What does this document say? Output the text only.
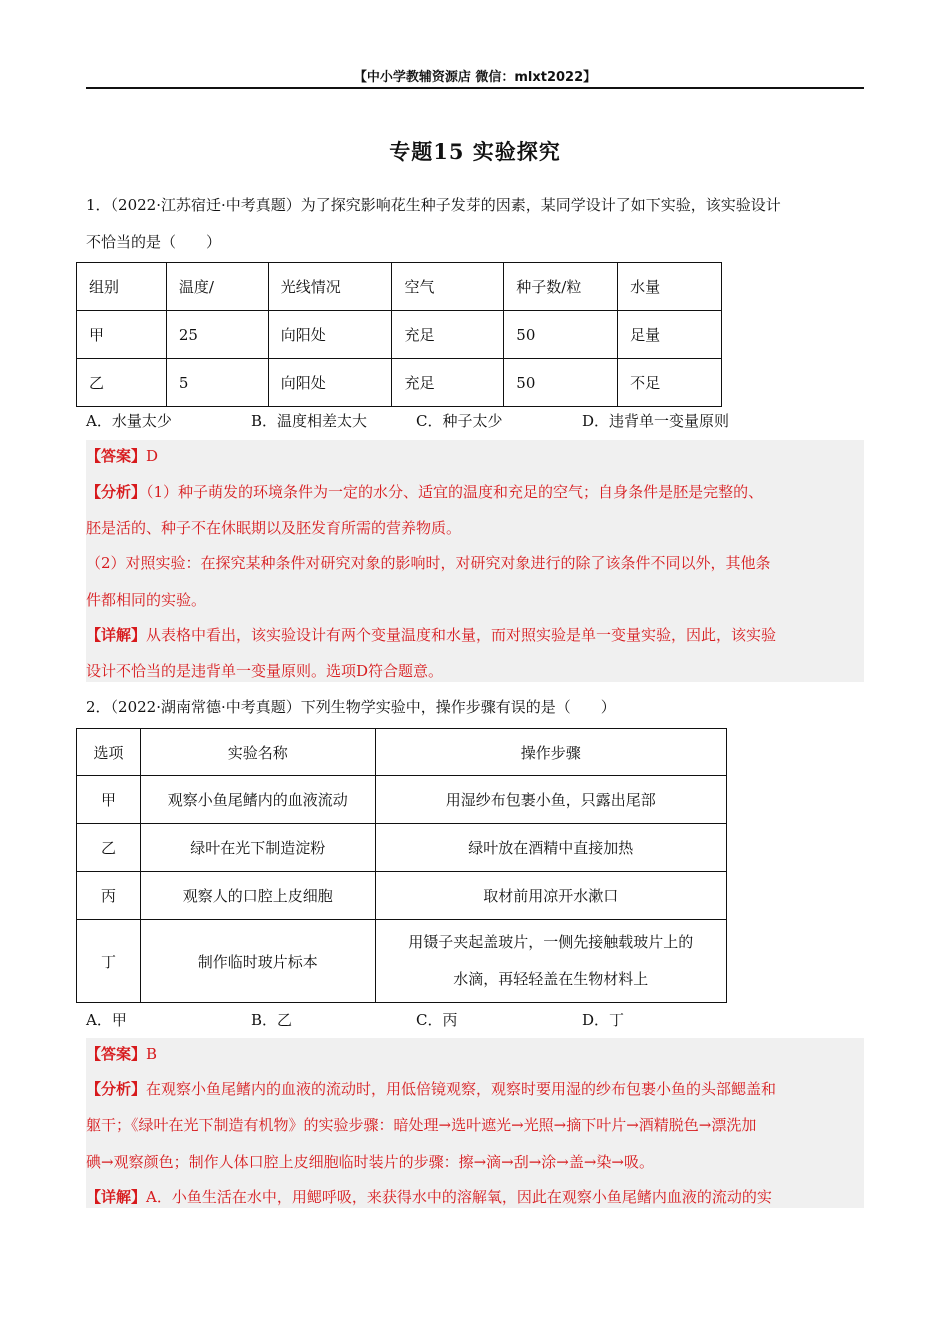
【中小学教辅资源店 微信：mlxt2022】
专题15 实验探究
1．（2022·江苏宿迁·中考真题）为了探究影响花生种子发芽的因素，某同学设计了如下实验，该实验设计
不恰当的是（　　）
组别	温度/	光线情况	空气	种子数/粒	水量
甲	25	向阳处	充足	50	足量
乙	5	向阳处	充足	50	不足
A．水量太少	B．温度相差太大	C．种子太少	D．违背单一变量原则
【答案】D
【分析】（1）种子萌发的环境条件为一定的水分、适宜的温度和充足的空气；自身条件是胚是完整的、
胚是活的、种子不在休眠期以及胚发育所需的营养物质。
（2）对照实验：在探究某种条件对研究对象的影响时，对研究对象进行的除了该条件不同以外，其他条
件都相同的实验。
【详解】从表格中看出，该实验设计有两个变量温度和水量，而对照实验是单一变量实验，因此，该实验
设计不恰当的是违背单一变量原则。选项D符合题意。
2．（2022·湖南常德·中考真题）下列生物学实验中，操作步骤有误的是（　　）
选项	实验名称	操作步骤
甲	观察小鱼尾鳍内的血液流动	用湿纱布包裹小鱼，只露出尾部
乙	绿叶在光下制造淀粉	绿叶放在酒精中直接加热
丙	观察人的口腔上皮细胞	取材前用凉开水漱口
丁	制作临时玻片标本	用镊子夹起盖玻片，一侧先接触载玻片上的
水滴，再轻轻盖在生物材料上
A．甲	B．乙	C．丙	D．丁
【答案】B
【分析】在观察小鱼尾鳍内的血液的流动时，用低倍镜观察，观察时要用湿的纱布包裹小鱼的头部鳃盖和
躯干；《绿叶在光下制造有机物》的实验步骤：暗处理→选叶遮光→光照→摘下叶片→酒精脱色→漂洗加
碘→观察颜色；制作人体口腔上皮细胞临时装片的步骤：擦→滴→刮→涂→盖→染→吸。
【详解】A．小鱼生活在水中，用鳃呼吸，来获得水中的溶解氧，因此在观察小鱼尾鳍内血液的流动的实
